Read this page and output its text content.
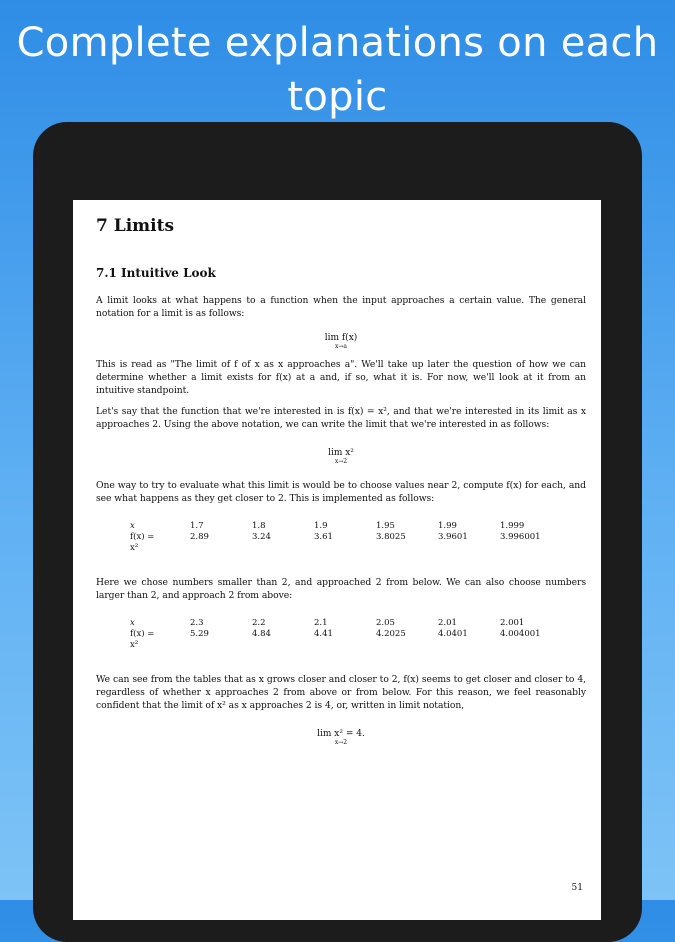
Complete explanations on each topic
7 Limits
7.1 Intuitive Look

A limit looks at what happens to a function when the input approaches a certain value. The general notation for a limit is as follows:

lim f(x)
x→a

This is read as "The limit of f of x as x approaches a". We'll take up later the question of how we can determine whether a limit exists for f(x) at a and, if so, what it is. For now, we'll look at it from an intuitive standpoint.

Let's say that the function that we're interested in is f(x) = x², and that we're interested in its limit as x approaches 2. Using the above notation, we can write the limit that we're interested in as follows:

lim x²
x→2

One way to try to evaluate what this limit is would be to choose values near 2, compute f(x) for each, and see what happens as they get closer to 2. This is implemented as follows:

x	1.7	1.8	1.9	1.95	1.99	1.999
f(x) =	2.89	3.24	3.61	3.8025	3.9601	3.996001
x²						

Here we chose numbers smaller than 2, and approached 2 from below. We can also choose numbers larger than 2, and approach 2 from above:

x	2.3	2.2	2.1	2.05	2.01	2.001
f(x) =	5.29	4.84	4.41	4.2025	4.0401	4.004001
x²						

We can see from the tables that as x grows closer and closer to 2, f(x) seems to get closer and closer to 4, regardless of whether x approaches 2 from above or from below. For this reason, we feel reasonably confident that the limit of x² as x approaches 2 is 4, or, written in limit notation,

lim x² = 4.
x→2
51
